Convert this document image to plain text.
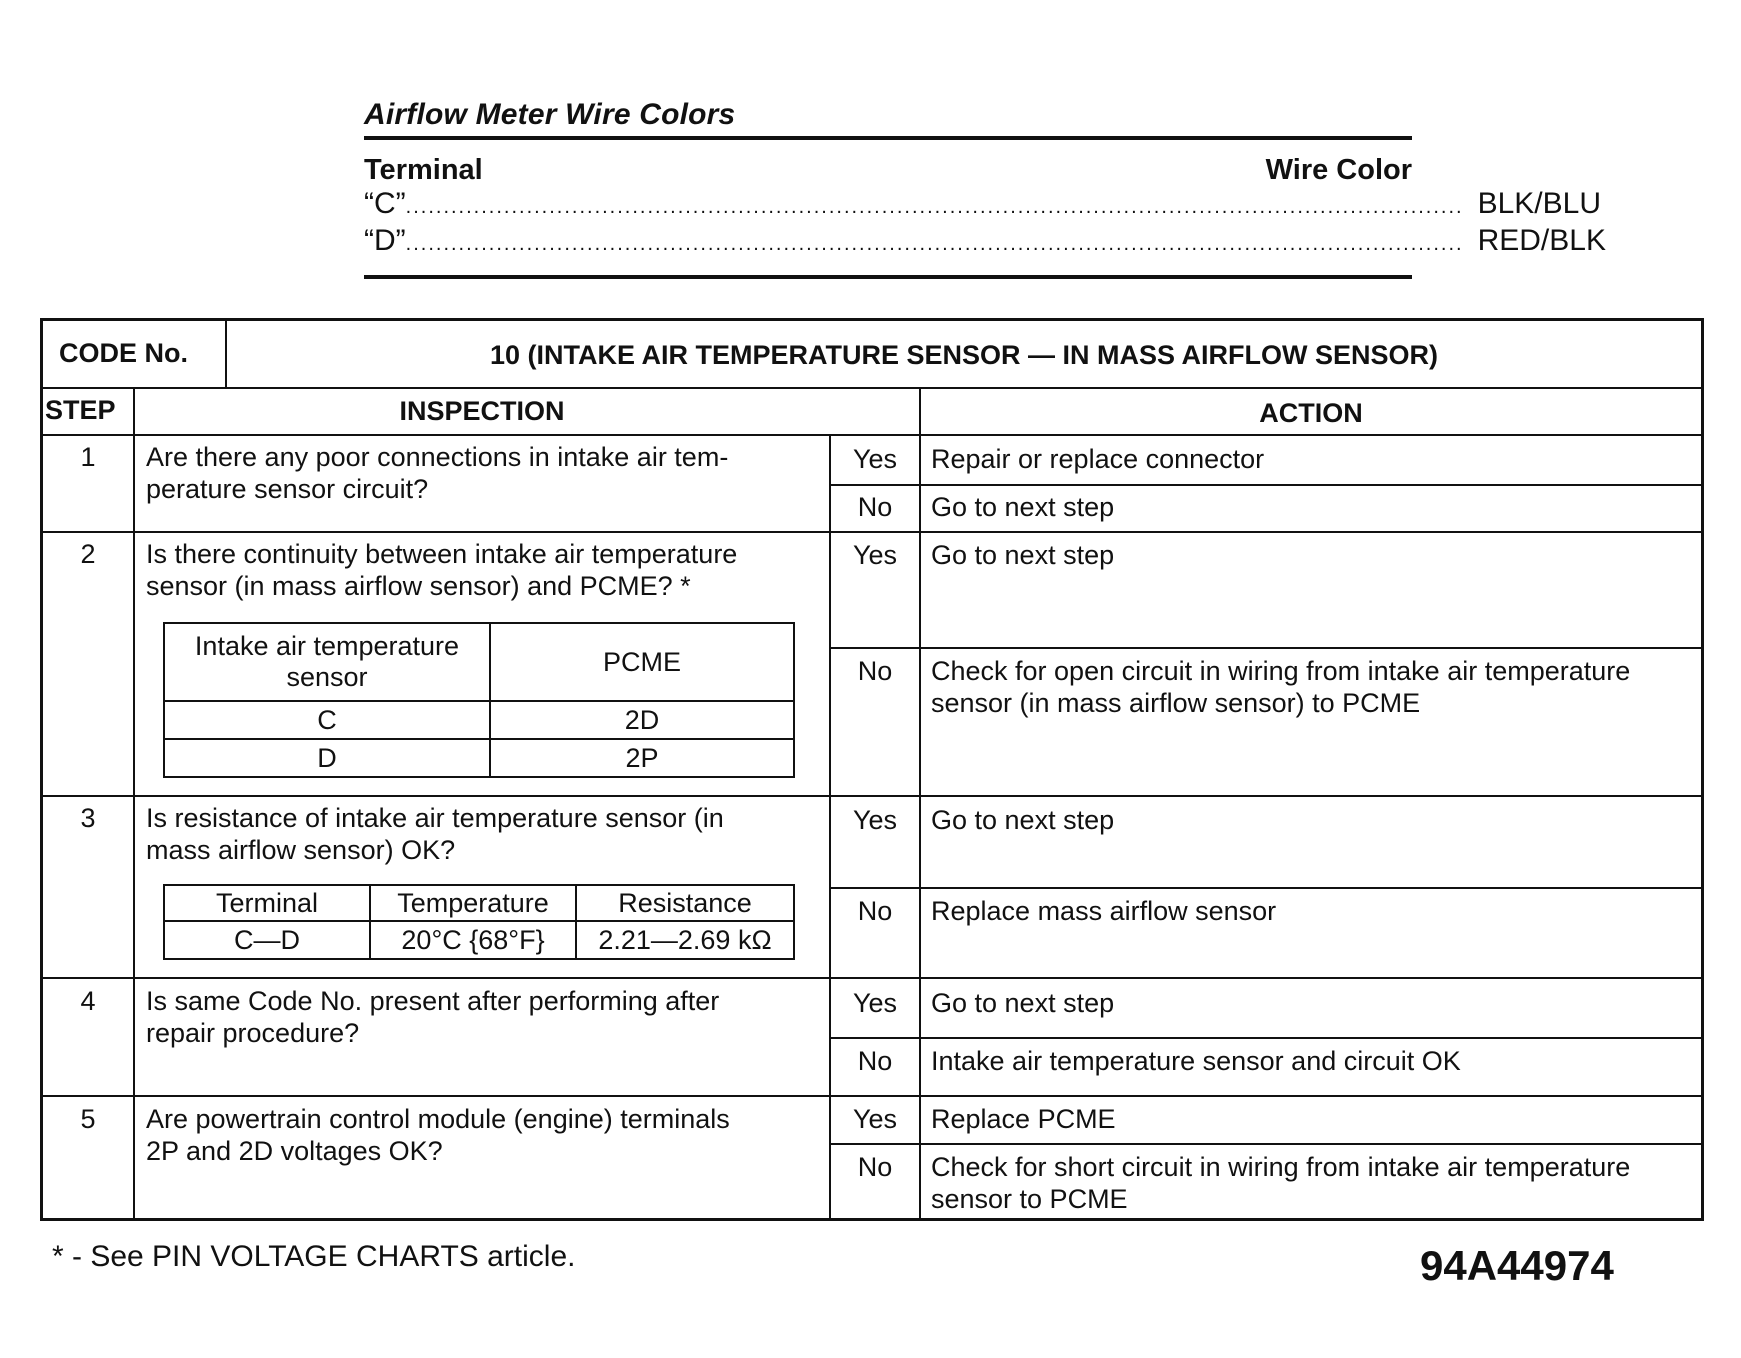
Airflow Meter Wire Colors
Terminal	Wire Color
“C” ............................................................................................................................................ BLK/BLU
“D” ............................................................................................................................................ RED/BLK
CODE No.	10 (INTAKE AIR TEMPERATURE SENSOR — IN MASS AIRFLOW SENSOR)
STEP	INSPECTION	ACTION
1	Are there any poor connections in intake air tem-
perature sensor circuit?
Yes	Repair or replace connector
No	Go to next step
2	Is there continuity between intake air temperature
sensor (in mass airflow sensor) and PCME? *
Intake air temperature
sensor	PCME
C	2D
D	2P
Yes	Go to next step
No	Check for open circuit in wiring from intake air temperature
sensor (in mass airflow sensor) to PCME
3	Is resistance of intake air temperature sensor (in
mass airflow sensor) OK?
Terminal	Temperature	Resistance
C—D	20°C {68°F}	2.21—2.69 kΩ
Yes	Go to next step
No	Replace mass airflow sensor
4	Is same Code No. present after performing after
repair procedure?
Yes	Go to next step
No	Intake air temperature sensor and circuit OK
5	Are powertrain control module (engine) terminals
2P and 2D voltages OK?
Yes	Replace PCME
No	Check for short circuit in wiring from intake air temperature
sensor to PCME
* - See PIN VOLTAGE CHARTS article.	94A44974
